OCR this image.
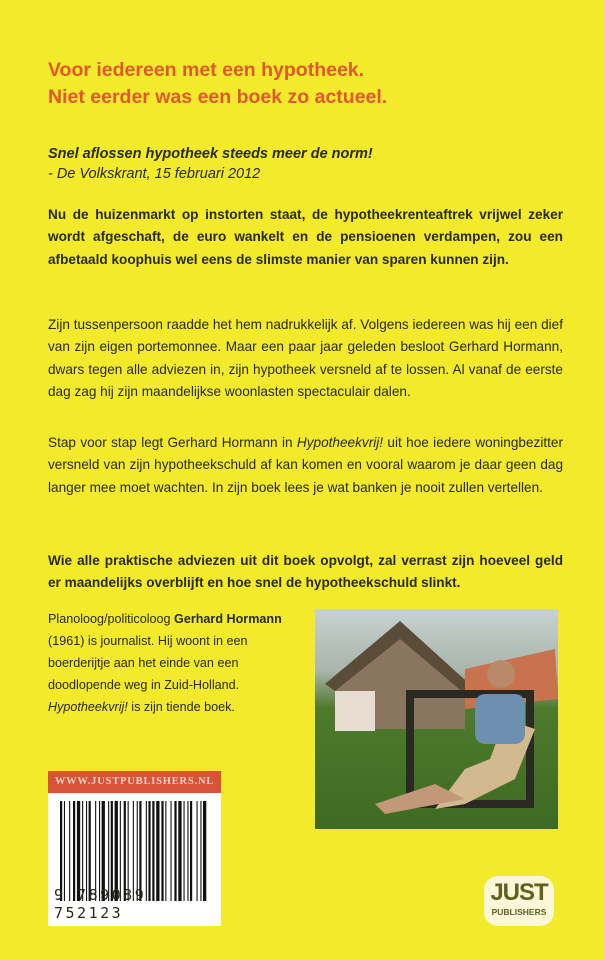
Voor iedereen met een hypotheek.
Niet eerder was een boek zo actueel.
Snel aflossen hypotheek steeds meer de norm!
- De Volkskrant, 15 februari 2012
Nu de huizenmarkt op instorten staat, de hypotheekrenteaftrek vrijwel zeker wordt afgeschaft, de euro wankelt en de pensioenen verdampen, zou een afbetaald koophuis wel eens de slimste manier van sparen kunnen zijn.
Zijn tussenpersoon raadde het hem nadrukkelijk af. Volgens iedereen was hij een dief van zijn eigen portemonnee. Maar een paar jaar geleden besloot Gerhard Hormann, dwars tegen alle adviezen in, zijn hypotheek versneld af te lossen. Al vanaf de eerste dag zag hij zijn maandelijkse woonlasten spectaculair dalen.
Stap voor stap legt Gerhard Hormann in Hypotheekvrij! uit hoe iedere woningbezitter versneld van zijn hypotheekschuld af kan komen en vooral waarom je daar geen dag langer mee moet wachten. In zijn boek lees je wat banken je nooit zullen vertellen.
Wie alle praktische adviezen uit dit boek opvolgt, zal verrast zijn hoeveel geld er maandelijks overblijft en hoe snel de hypotheekschuld slinkt.
Planoloog/politicoloog Gerhard Hormann (1961) is journalist. Hij woont in een boerderijtje aan het einde van een doodlopende weg in Zuid-Holland. Hypotheekvrij! is zijn tiende boek.
WWW.JUSTPUBLISHERS.NL
9 789089 752123
JUST
PUBLISHERS
